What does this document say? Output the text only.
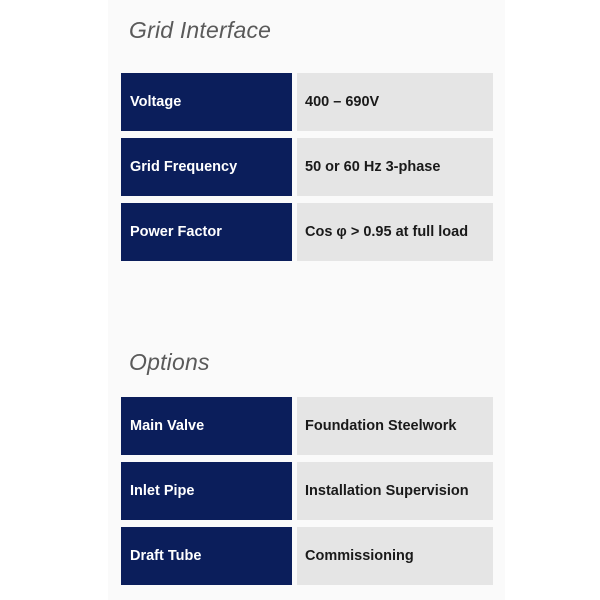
Grid Interface
Voltage	400 – 690V
Grid Frequency	50 or 60 Hz 3-phase
Power Factor	Cos φ > 0.95 at full load
Options
Main Valve	Foundation Steelwork
Inlet Pipe	Installation Supervision
Draft Tube	Commissioning
